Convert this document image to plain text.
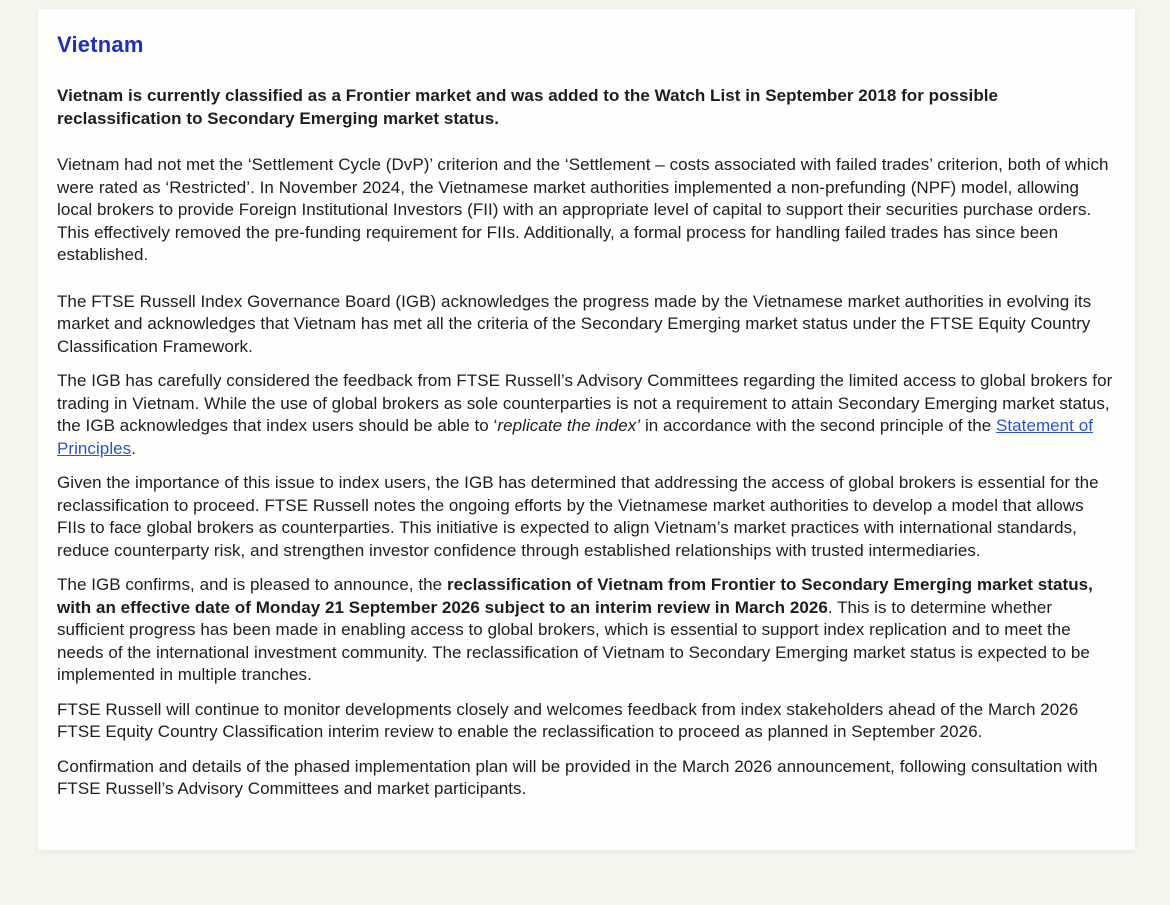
Vietnam

Vietnam is currently classified as a Frontier market and was added to the Watch List in September 2018 for possible reclassification to Secondary Emerging market status.

Vietnam had not met the ‘Settlement Cycle (DvP)’ criterion and the ‘Settlement – costs associated with failed trades’ criterion, both of which were rated as ‘Restricted’. In November 2024, the Vietnamese market authorities implemented a non-prefunding (NPF) model, allowing local brokers to provide Foreign Institutional Investors (FII) with an appropriate level of capital to support their securities purchase orders. This effectively removed the pre-funding requirement for FIIs. Additionally, a formal process for handling failed trades has since been established.

The FTSE Russell Index Governance Board (IGB) acknowledges the progress made by the Vietnamese market authorities in evolving its market and acknowledges that Vietnam has met all the criteria of the Secondary Emerging market status under the FTSE Equity Country Classification Framework.

The IGB has carefully considered the feedback from FTSE Russell’s Advisory Committees regarding the limited access to global brokers for trading in Vietnam. While the use of global brokers as sole counterparties is not a requirement to attain Secondary Emerging market status, the IGB acknowledges that index users should be able to ‘replicate the index’ in accordance with the second principle of the Statement of Principles.

Given the importance of this issue to index users, the IGB has determined that addressing the access of global brokers is essential for the reclassification to proceed. FTSE Russell notes the ongoing efforts by the Vietnamese market authorities to develop a model that allows FIIs to face global brokers as counterparties. This initiative is expected to align Vietnam’s market practices with international standards, reduce counterparty risk, and strengthen investor confidence through established relationships with trusted intermediaries.

The IGB confirms, and is pleased to announce, the reclassification of Vietnam from Frontier to Secondary Emerging market status, with an effective date of Monday 21 September 2026 subject to an interim review in March 2026. This is to determine whether sufficient progress has been made in enabling access to global brokers, which is essential to support index replication and to meet the needs of the international investment community. The reclassification of Vietnam to Secondary Emerging market status is expected to be implemented in multiple tranches.

FTSE Russell will continue to monitor developments closely and welcomes feedback from index stakeholders ahead of the March 2026 FTSE Equity Country Classification interim review to enable the reclassification to proceed as planned in September 2026.

Confirmation and details of the phased implementation plan will be provided in the March 2026 announcement, following consultation with FTSE Russell’s Advisory Committees and market participants.
